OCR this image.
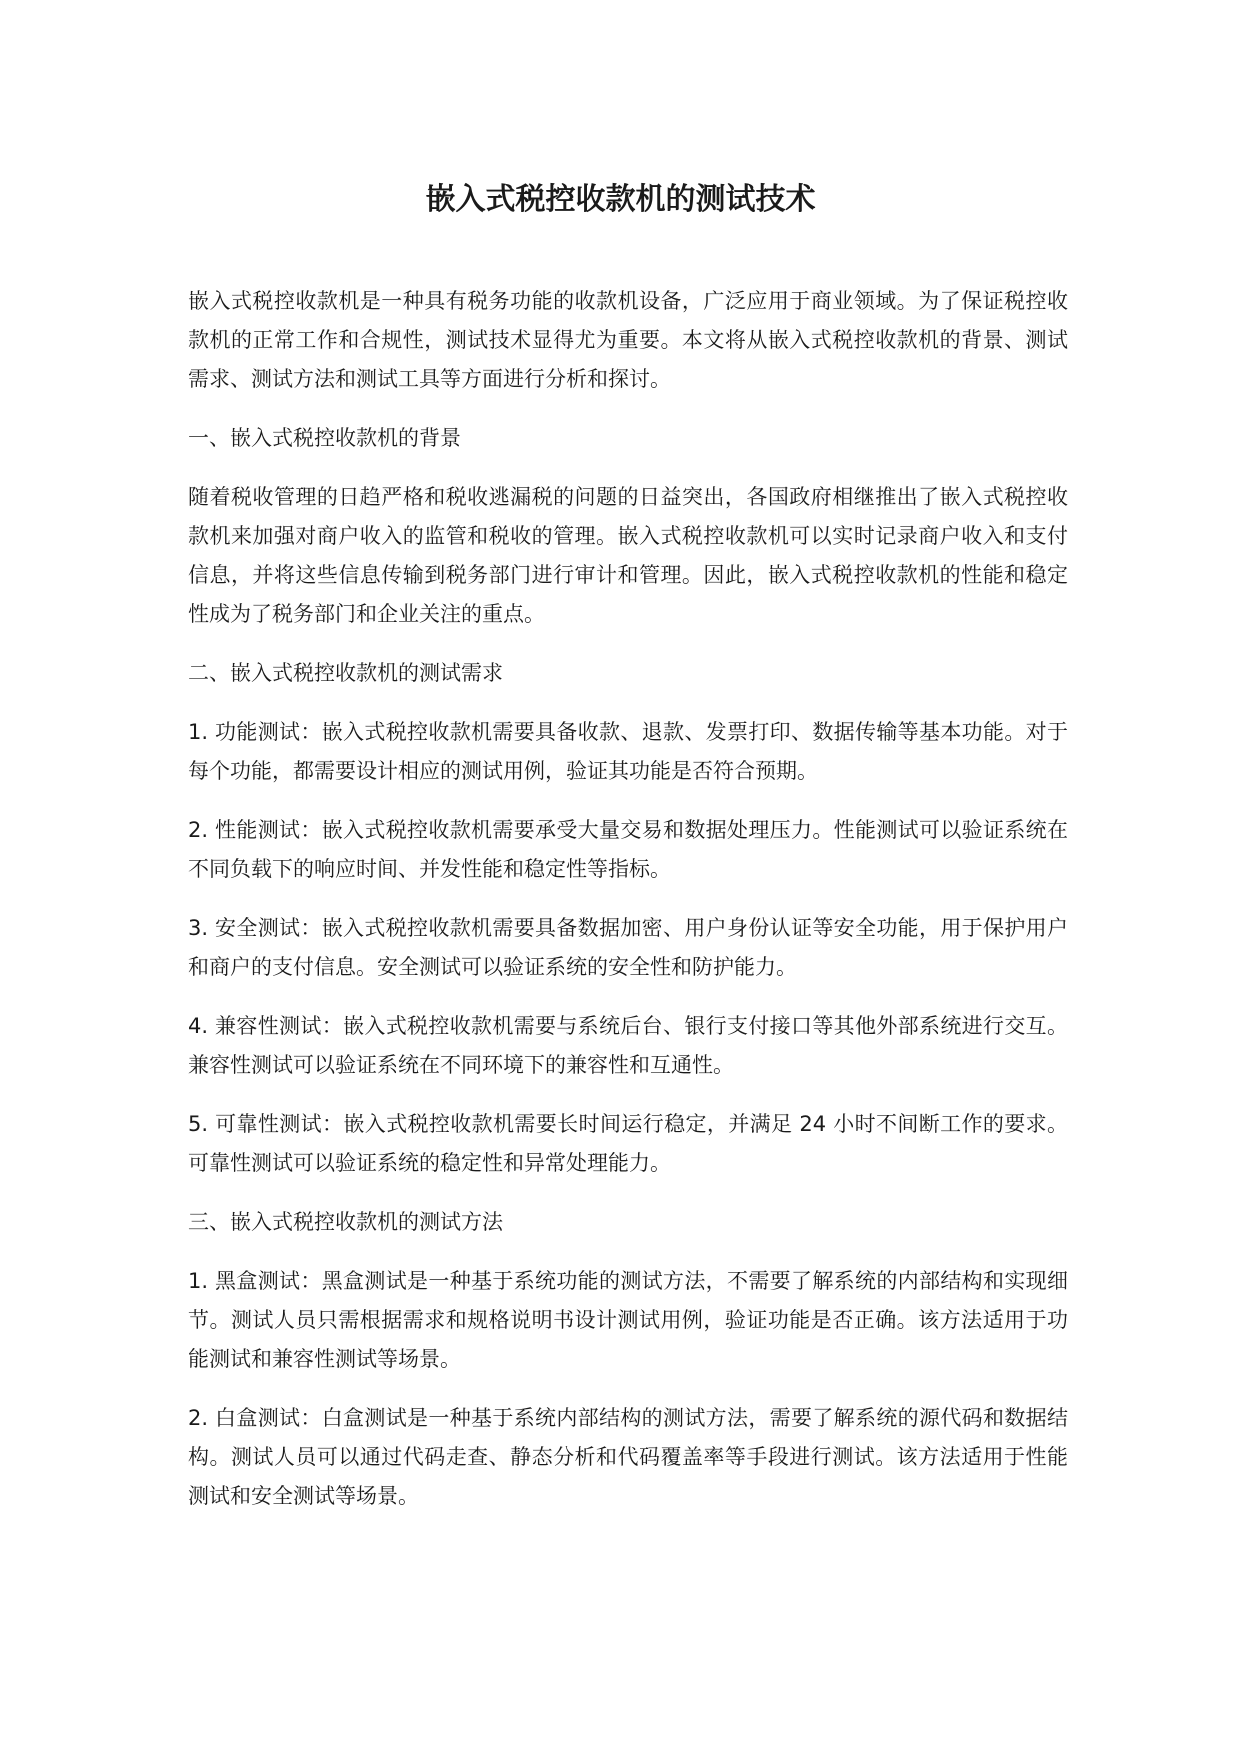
嵌入式税控收款机的测试技术

嵌入式税控收款机是一种具有税务功能的收款机设备，广泛应用于商业领域。为了保证税控收款机的正常工作和合规性，测试技术显得尤为重要。本文将从嵌入式税控收款机的背景、测试需求、测试方法和测试工具等方面进行分析和探讨。

一、嵌入式税控收款机的背景

随着税收管理的日趋严格和税收逃漏税的问题的日益突出，各国政府相继推出了嵌入式税控收款机来加强对商户收入的监管和税收的管理。嵌入式税控收款机可以实时记录商户收入和支付信息，并将这些信息传输到税务部门进行审计和管理。因此，嵌入式税控收款机的性能和稳定性成为了税务部门和企业关注的重点。

二、嵌入式税控收款机的测试需求

1. 功能测试：嵌入式税控收款机需要具备收款、退款、发票打印、数据传输等基本功能。对于每个功能，都需要设计相应的测试用例，验证其功能是否符合预期。

2. 性能测试：嵌入式税控收款机需要承受大量交易和数据处理压力。性能测试可以验证系统在不同负载下的响应时间、并发性能和稳定性等指标。

3. 安全测试：嵌入式税控收款机需要具备数据加密、用户身份认证等安全功能，用于保护用户和商户的支付信息。安全测试可以验证系统的安全性和防护能力。

4. 兼容性测试：嵌入式税控收款机需要与系统后台、银行支付接口等其他外部系统进行交互。兼容性测试可以验证系统在不同环境下的兼容性和互通性。

5. 可靠性测试：嵌入式税控收款机需要长时间运行稳定，并满足 24 小时不间断工作的要求。可靠性测试可以验证系统的稳定性和异常处理能力。

三、嵌入式税控收款机的测试方法

1. 黑盒测试：黑盒测试是一种基于系统功能的测试方法，不需要了解系统的内部结构和实现细节。测试人员只需根据需求和规格说明书设计测试用例，验证功能是否正确。该方法适用于功能测试和兼容性测试等场景。

2. 白盒测试：白盒测试是一种基于系统内部结构的测试方法，需要了解系统的源代码和数据结构。测试人员可以通过代码走查、静态分析和代码覆盖率等手段进行测试。该方法适用于性能测试和安全测试等场景。
